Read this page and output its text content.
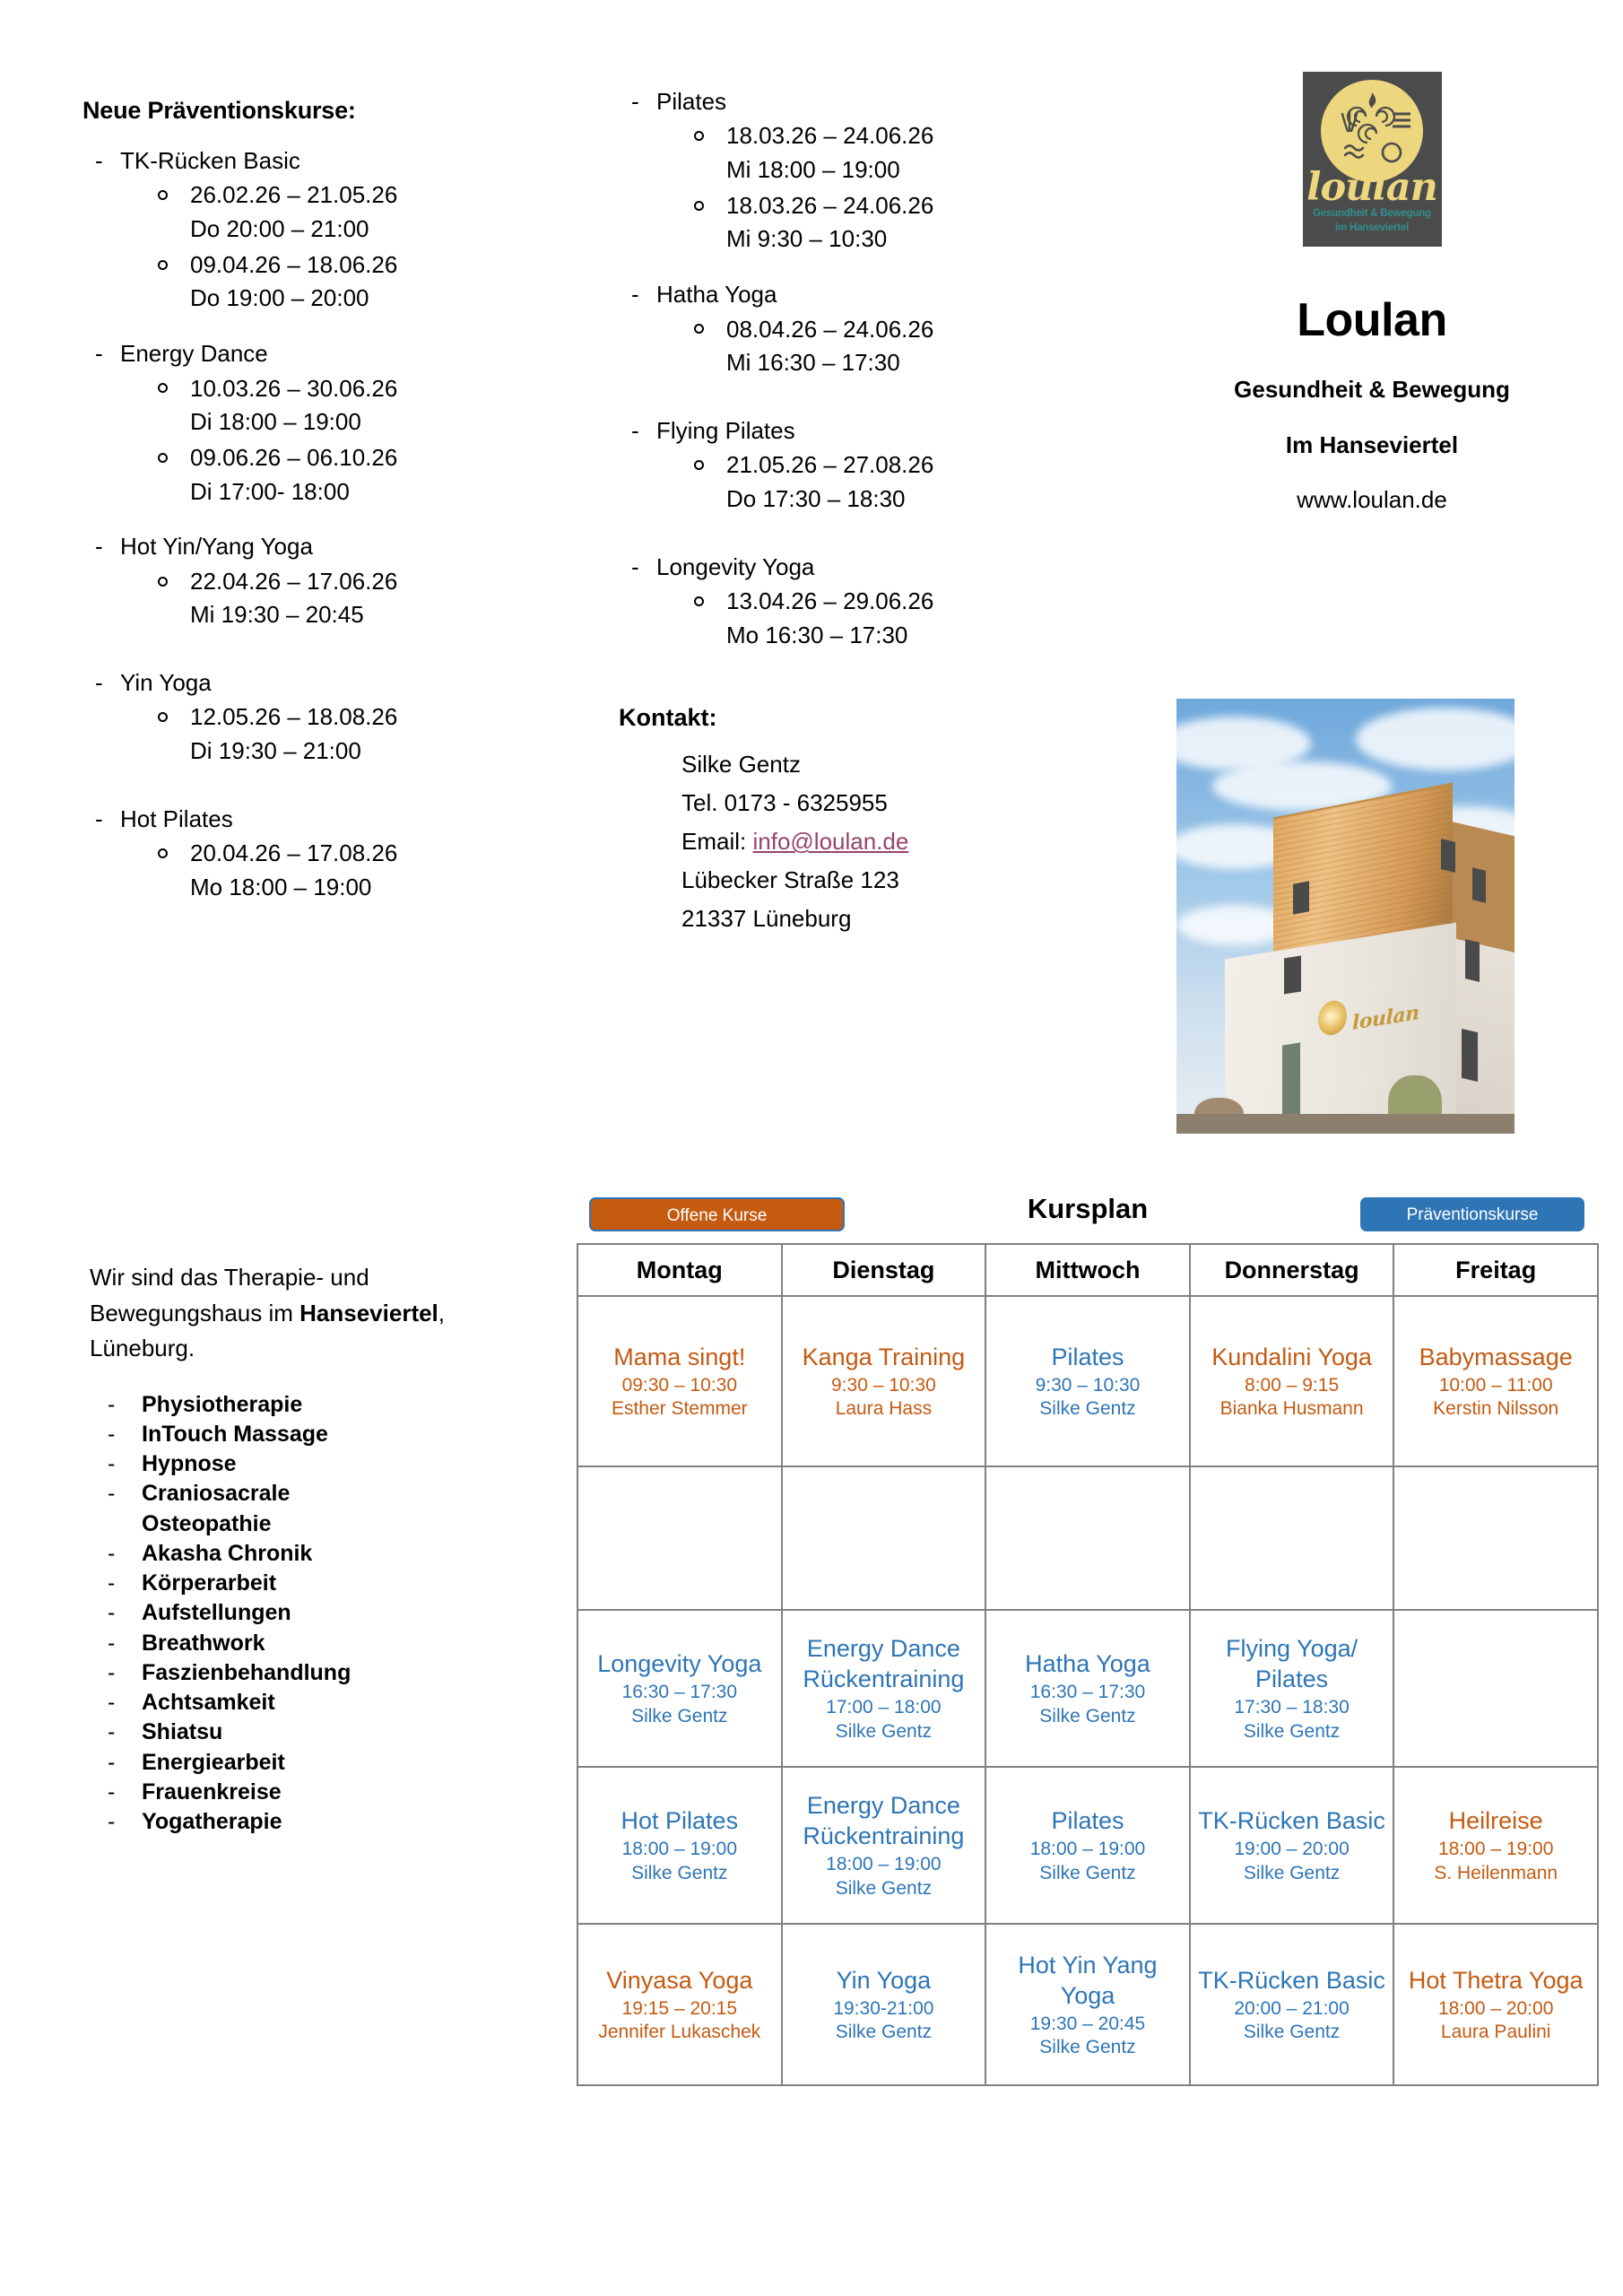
Neue Präventionskurse:
- TK-Rücken Basic
26.02.26 – 21.05.26
Do 20:00 – 21:00
09.04.26 – 18.06.26
Do 19:00 – 20:00
- Energy Dance
10.03.26 – 30.06.26
Di 18:00 – 19:00
09.06.26 – 06.10.26
Di 17:00- 18:00
- Hot Yin/Yang Yoga
22.04.26 – 17.06.26
Mi 19:30 – 20:45
- Yin Yoga
12.05.26 – 18.08.26
Di 19:30 – 21:00
- Hot Pilates
20.04.26 – 17.08.26
Mo 18:00 – 19:00
- Pilates
18.03.26 – 24.06.26
Mi 18:00 – 19:00
18.03.26 – 24.06.26
Mi 9:30 – 10:30
- Hatha Yoga
08.04.26 – 24.06.26
Mi 16:30 – 17:30
- Flying Pilates
21.05.26 – 27.08.26
Do 17:30 – 18:30
- Longevity Yoga
13.04.26 – 29.06.26
Mo 16:30 – 17:30
Kontakt:

Silke Gentz

Tel. 0173 - 6325955

Email: info@loulan.de

Lübecker Straße 123

21337 Lüneburg

loulan
Gesundheit & Bewegung
im Hanseviertel
Loulan
Gesundheit & Bewegung
Im Hanseviertel
www.loulan.de
loulan

Wir sind das Therapie- und Bewegungshaus im Hanseviertel, Lüneburg.

- Physiotherapie
- InTouch Massage
- Hypnose
- Craniosacrale
Osteopathie
- Akasha Chronik
- Körperarbeit
- Aufstellungen
- Breathwork
- Faszienbehandlung
- Achtsamkeit
- Shiatsu
- Energiearbeit
- Frauenkreise
- Yogatherapie
Offene Kurse	Kursplan	Präventionskurse
Montag	Dienstag	Mittwoch	Donnerstag	Freitag

Mama singt!
09:30 – 10:30
Esther Stemmer	Kanga Training
9:30 – 10:30
Laura Hass	Pilates
9:30 – 10:30
Silke Gentz	Kundalini Yoga
8:00 – 9:15
Bianka Husmann	Babymassage
10:00 – 11:00
Kerstin Nilsson

Longevity Yoga
16:30 – 17:30
Silke Gentz	Energy Dance Rückentraining
17:00 – 18:00
Silke Gentz	Hatha Yoga
16:30 – 17:30
Silke Gentz	Flying Yoga/ Pilates
17:30 – 18:30
Silke Gentz	

Hot Pilates
18:00 – 19:00
Silke Gentz	Energy Dance Rückentraining
18:00 – 19:00
Silke Gentz	Pilates
18:00 – 19:00
Silke Gentz	TK-Rücken Basic
19:00 – 20:00
Silke Gentz	Heilreise
18:00 – 19:00
S. Heilenmann

Vinyasa Yoga
19:15 – 20:15
Jennifer Lukaschek	Yin Yoga
19:30-21:00
Silke Gentz	Hot Yin Yang Yoga
19:30 – 20:45
Silke Gentz	TK-Rücken Basic
20:00 – 21:00
Silke Gentz	Hot Thetra Yoga
18:00 – 20:00
Laura Paulini
